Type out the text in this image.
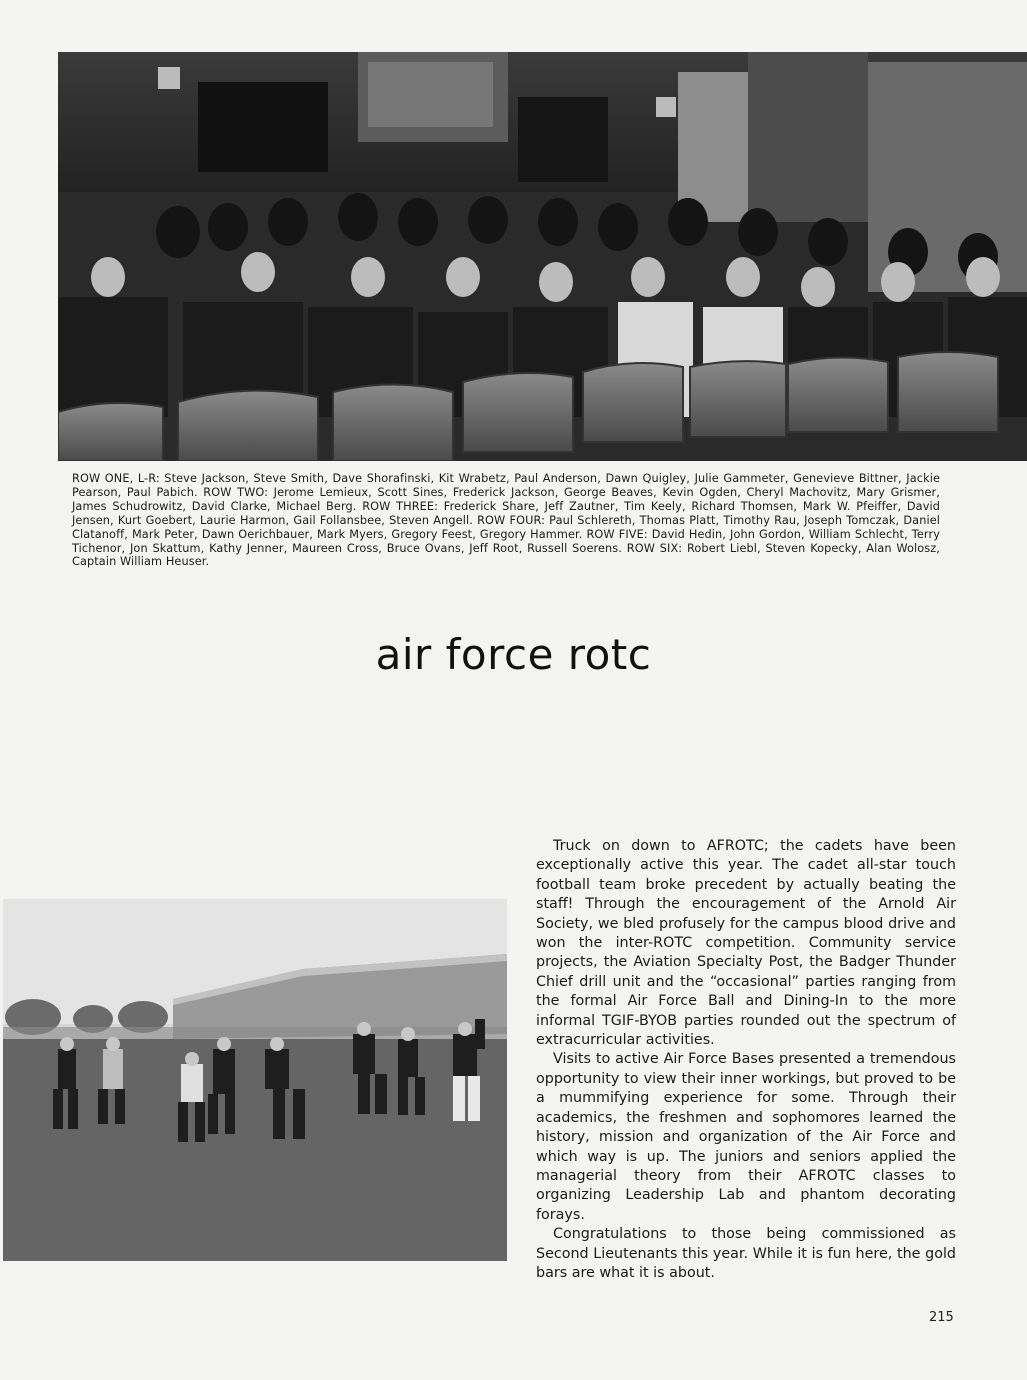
ROW ONE, L-R: Steve Jackson, Steve Smith, Dave Shorafinski, Kit Wrabetz, Paul Anderson, Dawn Quigley, Julie Gammeter, Genevieve Bittner, Jackie Pearson, Paul Pabich. ROW TWO: Jerome Lemieux, Scott Sines, Frederick Jackson, George Beaves, Kevin Ogden, Cheryl Machovitz, Mary Grismer, James Schudrowitz, David Clarke, Michael Berg. ROW THREE: Frederick Share, Jeff Zautner, Tim Keely, Richard Thomsen, Mark W. Pfeiffer, David Jensen, Kurt Goebert, Laurie Harmon, Gail Follansbee, Steven Angell. ROW FOUR: Paul Schlereth, Thomas Platt, Timothy Rau, Joseph Tomczak, Daniel Clatanoff, Mark Peter, Dawn Oerichbauer, Mark Myers, Gregory Feest, Gregory Hammer. ROW FIVE: David Hedin, John Gordon, William Schlecht, Terry Tichenor, Jon Skattum, Kathy Jenner, Maureen Cross, Bruce Ovans, Jeff Root, Russell Soerens. ROW SIX: Robert Liebl, Steven Kopecky, Alan Wolosz, Captain William Heuser.
air force rotc

Truck on down to AFROTC; the cadets have been exceptionally active this year. The cadet all-star touch football team broke precedent by actually beating the staff! Through the encouragement of the Arnold Air Society, we bled profusely for the campus blood drive and won the inter-ROTC competition. Community service projects, the Aviation Specialty Post, the Badger Thunder Chief drill unit and the “occasional” parties ranging from the formal Air Force Ball and Dining-In to the more informal TGIF-BYOB parties rounded out the spectrum of extracurricular activities.

Visits to active Air Force Bases presented a tremendous opportunity to view their inner workings, but proved to be a mummifying experience for some. Through their academics, the freshmen and sophomores learned the history, mission and organization of the Air Force and which way is up. The juniors and seniors applied the managerial theory from their AFROTC classes to organizing Leadership Lab and phantom decorating forays.

Congratulations to those being commissioned as Second Lieutenants this year. While it is fun here, the gold bars are what it is about.

215
